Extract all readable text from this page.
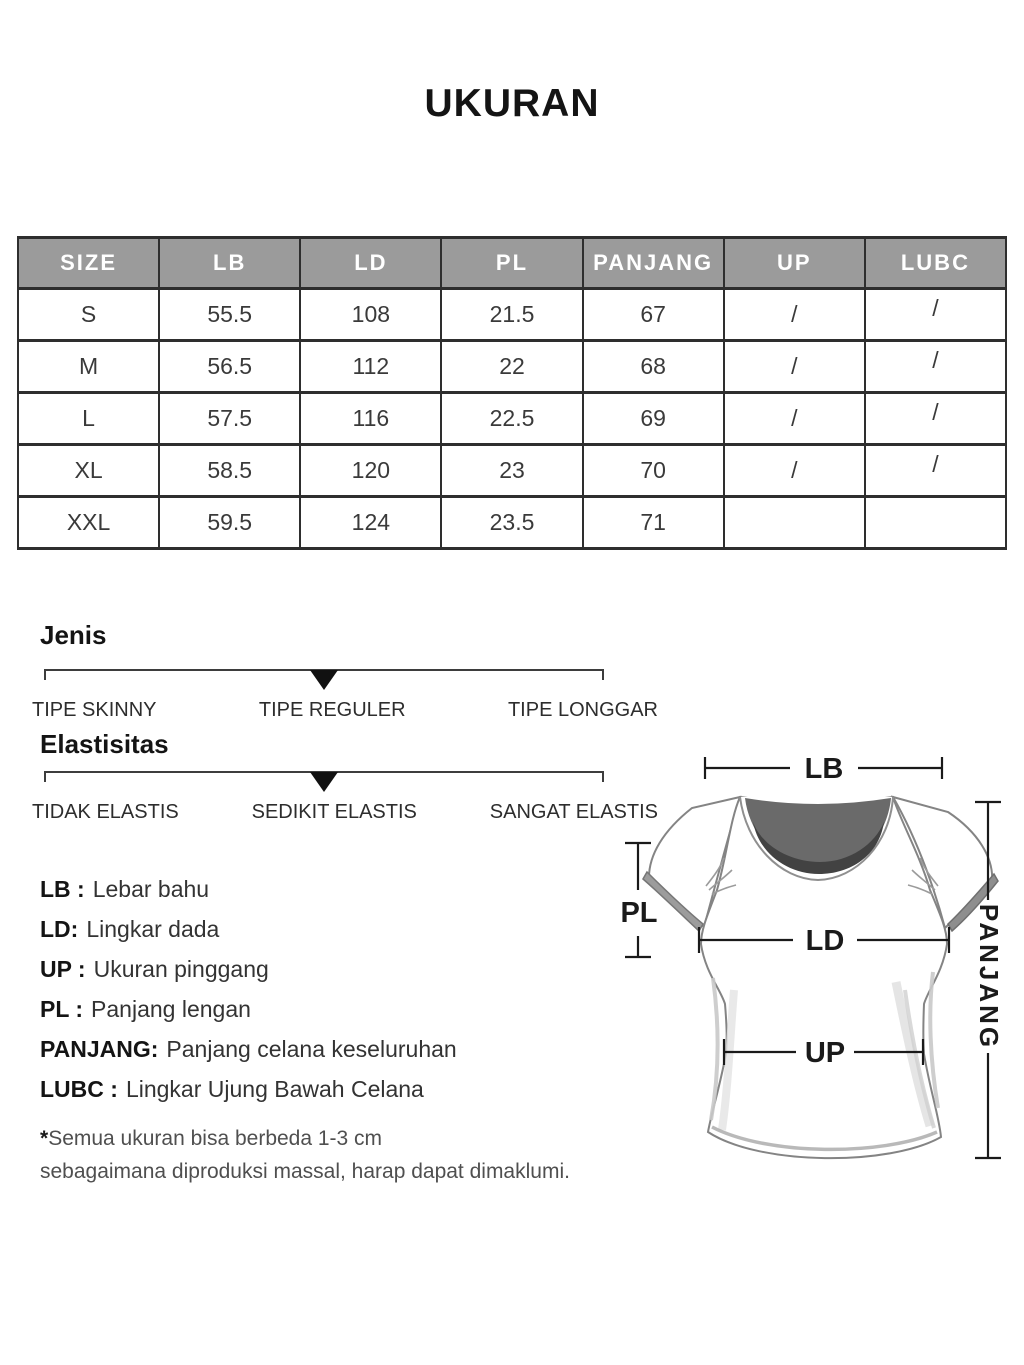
UKURAN
SIZE	LB	LD	PL	PANJANG	UP	LUBC
S	55.5	108	21.5	67	/	/
M	56.5	112	22	68	/	/
L	57.5	116	22.5	69	/	/
XL	58.5	120	23	70	/	/
XXL	59.5	124	23.5	71		
Jenis
TIPE SKINNY	TIPE REGULER	TIPE LONGGAR
Elastisitas
TIDAK ELASTIS	SEDIKIT ELASTIS	SANGAT ELASTIS
LB : Lebar bahu
LD: Lingkar dada
UP : Ukuran pinggang
PL : Panjang lengan
PANJANG: Panjang celana keseluruhan
LUBC : Lingkar Ujung Bawah Celana
*Semua ukuran bisa berbeda 1-3 cm
sebagaimana diproduksi massal, harap dapat dimaklumi.
LB
PL
LD
UP
PANJANG
